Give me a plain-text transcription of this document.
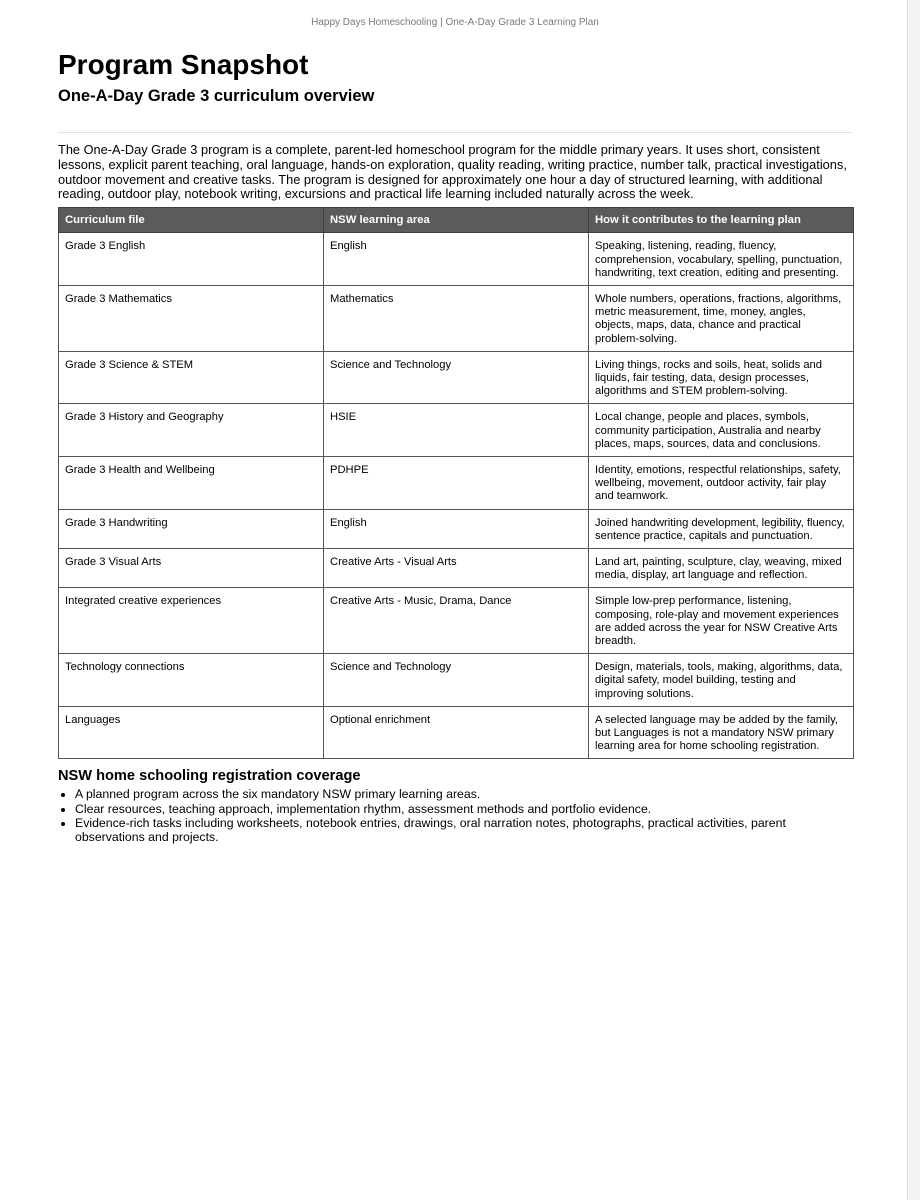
Happy Days Homeschooling | One-A-Day Grade 3 Learning Plan
Program Snapshot
One-A-Day Grade 3 curriculum overview

The One-A-Day Grade 3 program is a complete, parent-led homeschool program for the middle primary years. It uses short, consistent lessons, explicit parent teaching, oral language, hands-on exploration, quality reading, writing practice, number talk, practical investigations, outdoor movement and creative tasks. The program is designed for approximately one hour a day of structured learning, with additional reading, outdoor play, notebook writing, excursions and practical life learning included naturally across the week.

Curriculum file	NSW learning area	How it contributes to the learning plan
Grade 3 English	English	Speaking, listening, reading, fluency, comprehension, vocabulary, spelling, punctuation, handwriting, text creation, editing and presenting.
Grade 3 Mathematics	Mathematics	Whole numbers, operations, fractions, algorithms, metric measurement, time, money, angles, objects, maps, data, chance and practical problem-solving.
Grade 3 Science & STEM	Science and Technology	Living things, rocks and soils, heat, solids and liquids, fair testing, data, design processes, algorithms and STEM problem-solving.
Grade 3 History and Geography	HSIE	Local change, people and places, symbols, community participation, Australia and nearby places, maps, sources, data and conclusions.
Grade 3 Health and Wellbeing	PDHPE	Identity, emotions, respectful relationships, safety, wellbeing, movement, outdoor activity, fair play and teamwork.
Grade 3 Handwriting	English	Joined handwriting development, legibility, fluency, sentence practice, capitals and punctuation.
Grade 3 Visual Arts	Creative Arts - Visual Arts	Land art, painting, sculpture, clay, weaving, mixed media, display, art language and reflection.
Integrated creative experiences	Creative Arts - Music, Drama, Dance	Simple low-prep performance, listening, composing, role-play and movement experiences are added across the year for NSW Creative Arts breadth.
Technology connections	Science and Technology	Design, materials, tools, making, algorithms, data, digital safety, model building, testing and improving solutions.
Languages	Optional enrichment	A selected language may be added by the family, but Languages is not a mandatory NSW primary learning area for home schooling registration.
NSW home schooling registration coverage
• A planned program across the six mandatory NSW primary learning areas.
• Clear resources, teaching approach, implementation rhythm, assessment methods and portfolio evidence.
• Evidence-rich tasks including worksheets, notebook entries, drawings, oral narration notes, photographs, practical activities, parent observations and projects.
